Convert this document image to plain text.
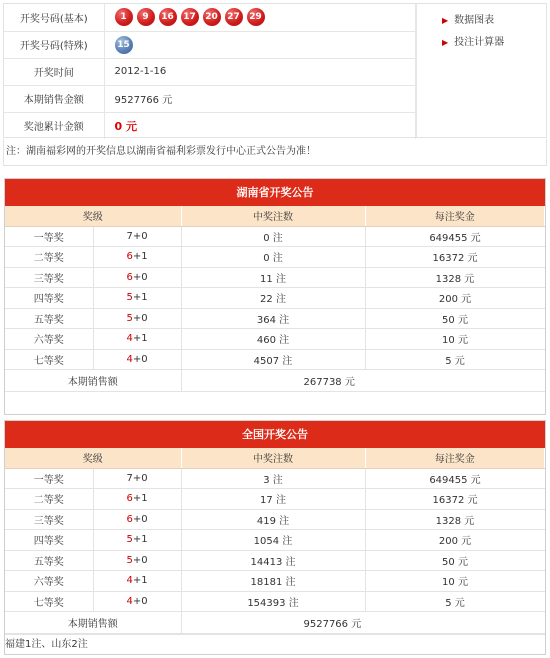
开奖号码(基本)	1 9 16 17 20 27 29
开奖号码(特殊)	15
开奖时间	2012-1-16
本期销售金额	9527766 元
奖池累计金额	0 元
▶ 数据图表
▶ 投注计算器
注：湖南福彩网的开奖信息以湖南省福利彩票发行中心正式公告为准！
湖南省开奖公告
奖级		中奖注数	每注奖金
一等奖	7+0	0 注	649455 元
二等奖	6+1	0 注	16372 元
三等奖	6+0	11 注	1328 元
四等奖	5+1	22 注	200 元
五等奖	5+0	364 注	50 元
六等奖	4+1	460 注	10 元
七等奖	4+0	4507 注	5 元
本期销售额		267738 元	
全国开奖公告
奖级		中奖注数	每注奖金
一等奖	7+0	3 注	649455 元
二等奖	6+1	17 注	16372 元
三等奖	6+0	419 注	1328 元
四等奖	5+1	1054 注	200 元
五等奖	5+0	14413 注	50 元
六等奖	4+1	18181 注	10 元
七等奖	4+0	154393 注	5 元
本期销售额		9527766 元	
福建1注、山东2注
